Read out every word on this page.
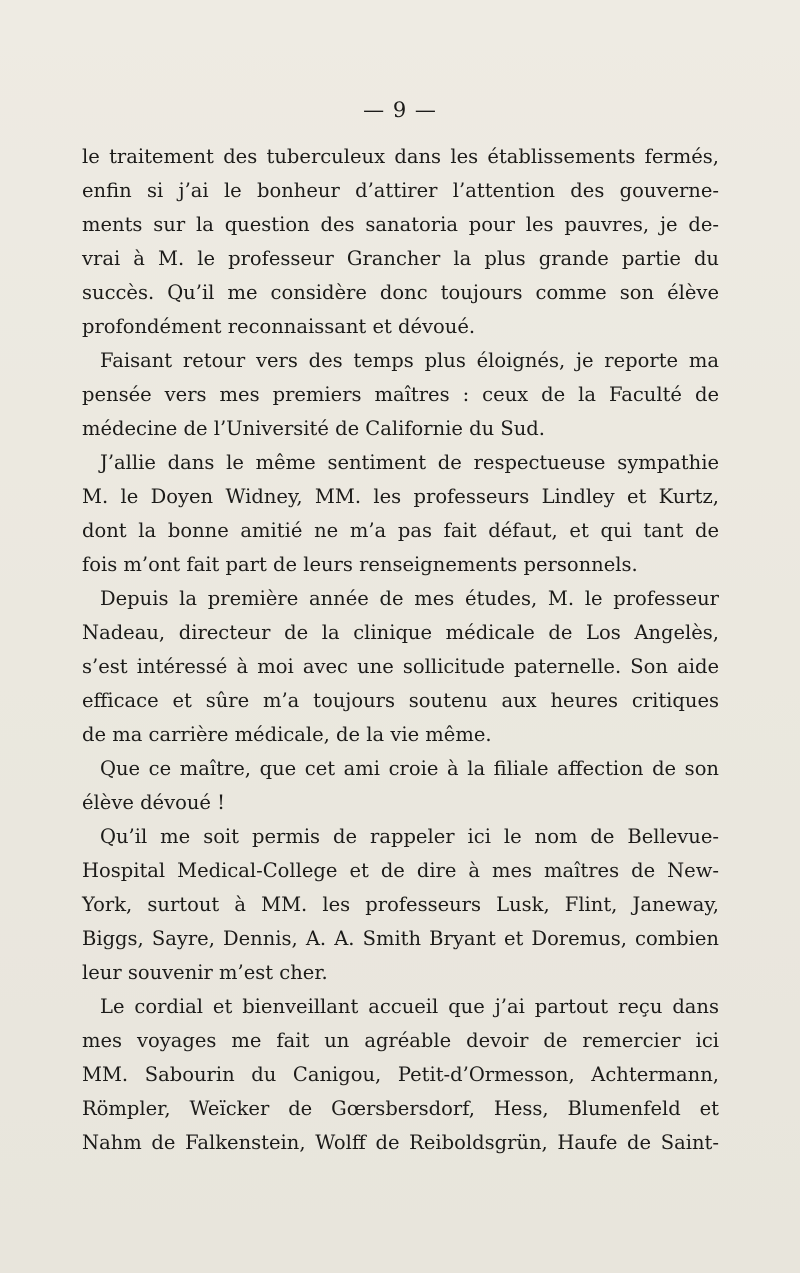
— 9 —
le traitement des tuberculeux dans les établissements fermés,
enfin si j’ai le bonheur d’attirer l’attention des gouverne-
ments sur la question des sanatoria pour les pauvres, je de-
vrai à M. le professeur Grancher la plus grande partie du
succès. Qu’il me considère donc toujours comme son élève
profondément reconnaissant et dévoué.
Faisant retour vers des temps plus éloignés, je reporte ma
pensée vers mes premiers maîtres : ceux de la Faculté de
médecine de l’Université de Californie du Sud.
J’allie dans le même sentiment de respectueuse sympathie
M. le Doyen Widney, MM. les professeurs Lindley et Kurtz,
dont la bonne amitié ne m’a pas fait défaut, et qui tant de
fois m’ont fait part de leurs renseignements personnels.
Depuis la première année de mes études, M. le professeur
Nadeau, directeur de la clinique médicale de Los Angelès,
s’est intéressé à moi avec une sollicitude paternelle. Son aide
efficace et sûre m’a toujours soutenu aux heures critiques
de ma carrière médicale, de la vie même.
Que ce maître, que cet ami croie à la filiale affection de son
élève dévoué !
Qu’il me soit permis de rappeler ici le nom de Bellevue-
Hospital Medical-College et de dire à mes maîtres de New-
York, surtout à MM. les professeurs Lusk, Flint, Janeway,
Biggs, Sayre, Dennis, A. A. Smith Bryant et Doremus, combien
leur souvenir m’est cher.
Le cordial et bienveillant accueil que j’ai partout reçu dans
mes voyages me fait un agréable devoir de remercier ici
MM. Sabourin du Canigou, Petit-d’Ormesson, Achtermann,
Römpler, Weïcker de Gœrsbersdorf, Hess, Blumenfeld et
Nahm de Falkenstein, Wolff de Reiboldsgrün, Haufe de Saint-
